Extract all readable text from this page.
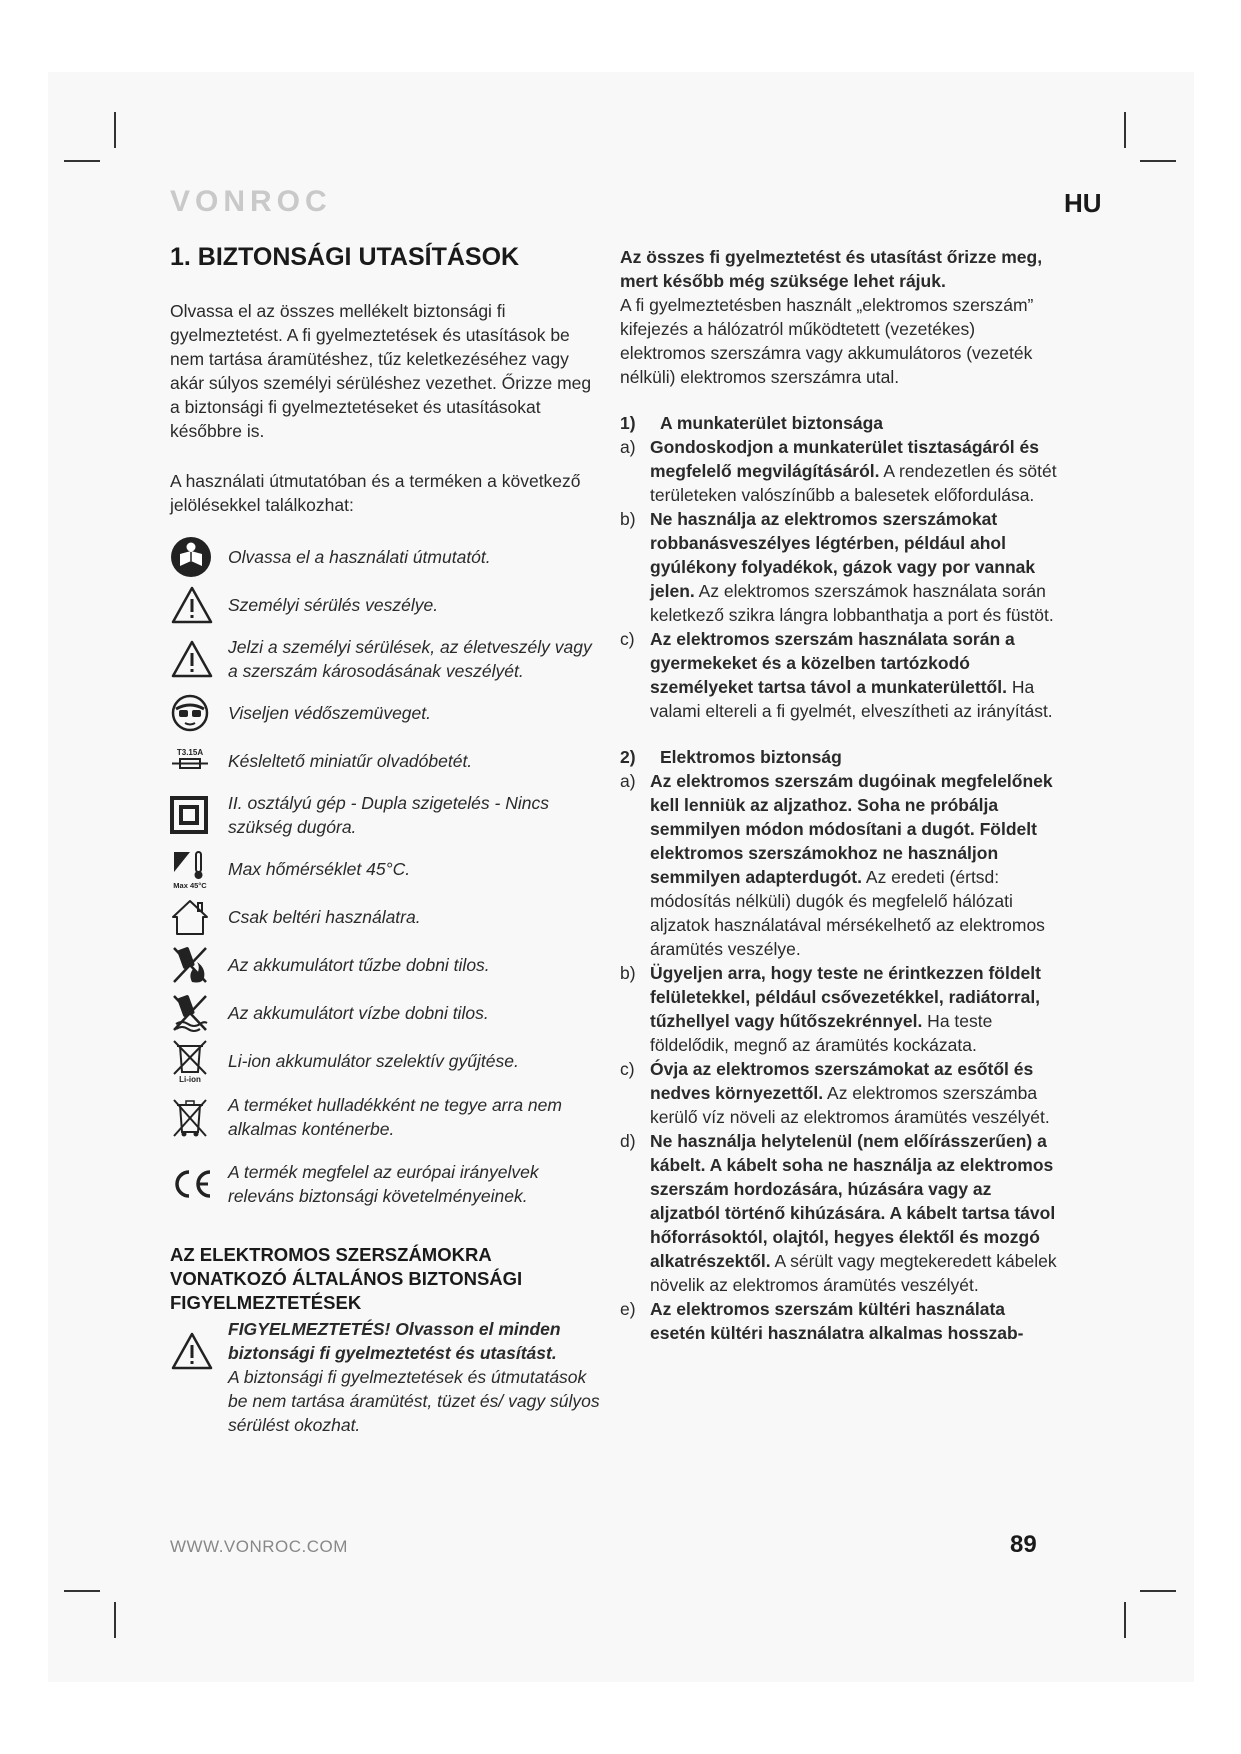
VONROC	HU
1. BIZTONSÁGI UTASÍTÁSOK

Olvassa el az összes mellékelt biztonsági fi gyelmeztetést. A fi gyelmeztetések és utasítások be nem tartása áramütéshez, tűz keletkezéséhez vagy akár súlyos személyi sérüléshez vezethet. Őrizze meg a biztonsági fi gyelmeztetéseket és utasításokat későbbre is.

A használati útmutatóban és a terméken a következő jelölésekkel találkozhat:

Olvassa el a használati útmutatót.
Személyi sérülés veszélye.
Jelzi a személyi sérülések, az életveszély vagy a szerszám károsodásának veszélyét.
Viseljen védőszemüveget.
T3.15A Késleltető miniatűr olvadóbetét.
II. osztályú gép - Dupla szigetelés - Nincs szükség dugóra.
Max 45°C
Max hőmérséklet 45°C.
Csak beltéri használatra.
Az akkumulátort tűzbe dobni tilos.
Az akkumulátort vízbe dobni tilos.
Li-ion
Li-ion akkumulátor szelektív gyűjtése.
A terméket hulladékként ne tegye arra nem alkalmas konténerbe.
A termék megfelel az európai irányelvek releváns biztonsági követelményeinek.
AZ ELEKTROMOS SZERSZÁMOKRA VONATKOZÓ ÁLTALÁNOS BIZTONSÁGI FIGYELMEZTETÉSEK
FIGYELMEZTETÉS! Olvasson el minden biztonsági fi gyelmeztetést és utasítást.
A biztonsági fi gyelmeztetések és útmutatások be nem tartása áramütést, tüzet és/ vagy súlyos sérülést okozhat.

Az összes fi gyelmeztetést és utasítást őrizze meg, mert később még szüksége lehet rájuk.

A fi gyelmeztetésben használt „elektromos szerszám” kifejezés a hálózatról működtetett (vezetékes) elektromos szerszámra vagy akkumulátoros (vezeték nélküli) elektromos szerszámra utal.

1) A munkaterület biztonsága
a) Gondoskodjon a munkaterület tisztaságáról és megfelelő megvilágításáról. A rendezetlen és sötét területeken valószínűbb a balesetek előfordulása.
b) Ne használja az elektromos szerszámokat robbanásveszélyes légtérben, például ahol gyúlékony folyadékok, gázok vagy por vannak jelen. Az elektromos szerszámok használata során keletkező szikra lángra lobbanthatja a port és füstöt.
c) Az elektromos szerszám használata során a gyermekeket és a közelben tartózkodó személyeket tartsa távol a munkaterülettől. Ha valami eltereli a fi gyelmét, elveszítheti az irányítást.
2) Elektromos biztonság
a) Az elektromos szerszám dugóinak megfelelőnek kell lenniük az aljzathoz. Soha ne próbálja semmilyen módon módosítani a dugót. Földelt elektromos szerszámokhoz ne használjon semmilyen adapterdugót. Az eredeti (értsd: módosítás nélküli) dugók és megfelelő hálózati aljzatok használatával mérsékelhető az elektromos áramütés veszélye.
b) Ügyeljen arra, hogy teste ne érintkezzen földelt felületekkel, például csővezetékkel, radiátorral, tűzhellyel vagy hűtőszekrénnyel. Ha teste földelődik, megnő az áramütés kockázata.
c) Óvja az elektromos szerszámokat az esőtől és nedves környezettől. Az elektromos szerszámba kerülő víz növeli az elektromos áramütés veszélyét.
d) Ne használja helytelenül (nem előírásszerűen) a kábelt. A kábelt soha ne használja az elektromos szerszám hordozására, húzására vagy az aljzatból történő kihúzására. A kábelt tartsa távol hőforrásoktól, olajtól, hegyes élektől és mozgó alkatrészektől. A sérült vagy megtekeredett kábelek növelik az elektromos áramütés veszélyét.
e) Az elektromos szerszám kültéri használata esetén kültéri használatra alkalmas hosszab-
WWW.VONROC.COM	89
